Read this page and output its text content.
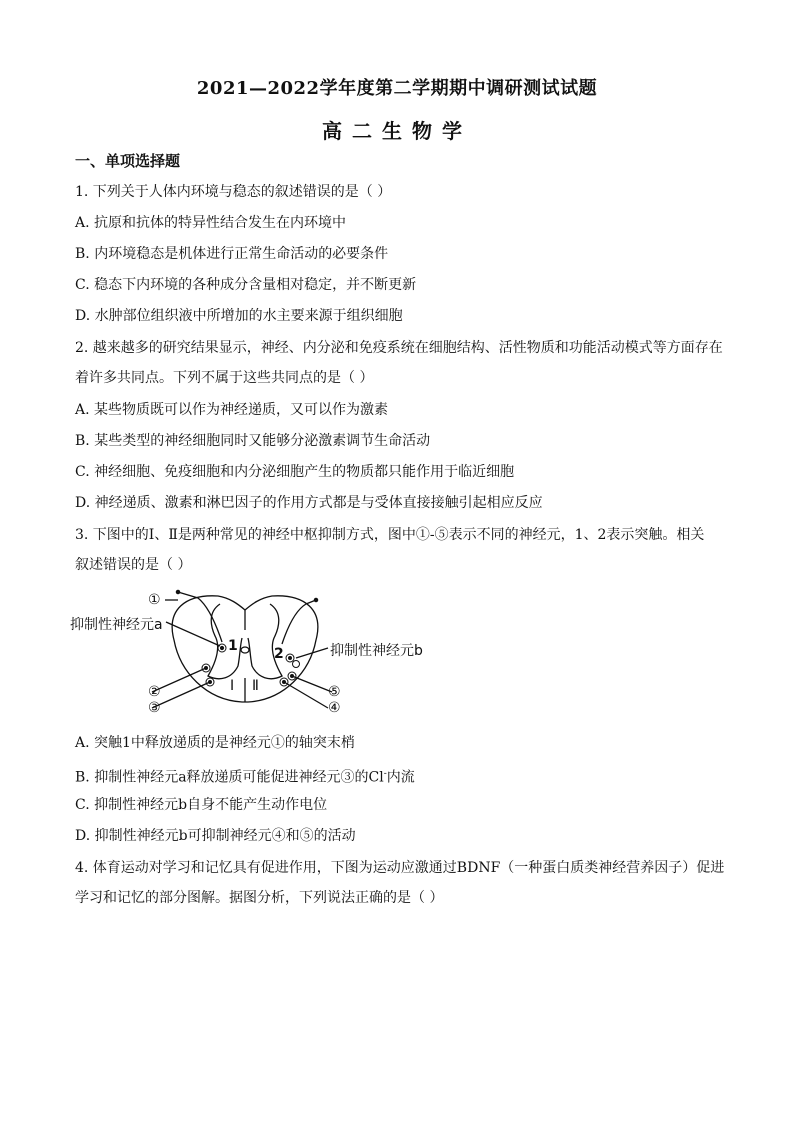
2021—2022学年度第二学期期中调研测试试题
高二生物学
一、单项选择题
1. 下列关于人体内环境与稳态的叙述错误的是（ ）
A. 抗原和抗体的特异性结合发生在内环境中
B. 内环境稳态是机体进行正常生命活动的必要条件
C. 稳态下内环境的各种成分含量相对稳定，并不断更新
D. 水肿部位组织液中所增加的水主要来源于组织细胞
2. 越来越多的研究结果显示，神经、内分泌和免疫系统在细胞结构、活性物质和功能活动模式等方面存在
着许多共同点。下列不属于这些共同点的是（ ）
A. 某些物质既可以作为神经递质，又可以作为激素
B. 某些类型的神经细胞同时又能够分泌激素调节生命活动
C. 神经细胞、免疫细胞和内分泌细胞产生的物质都只能作用于临近细胞
D. 神经递质、激素和淋巴因子的作用方式都是与受体直接接触引起相应反应
3. 下图中的Ⅰ、Ⅱ是两种常见的神经中枢抑制方式，图中①-⑤表示不同的神经元，1、2表示突触。相关
叙述错误的是（ ）
①
抑制性神经元a
1	2	抑制性神经元b
Ⅰ Ⅱ
②
③
⑤
④
A. 突触1中释放递质的是神经元①的轴突末梢
B. 抑制性神经元a释放递质可能促进神经元③的Cl-内流
C. 抑制性神经元b自身不能产生动作电位
D. 抑制性神经元b可抑制神经元④和⑤的活动
4. 体育运动对学习和记忆具有促进作用，下图为运动应激通过BDNF（一种蛋白质类神经营养因子）促进
学习和记忆的部分图解。据图分析，下列说法正确的是（ ）
